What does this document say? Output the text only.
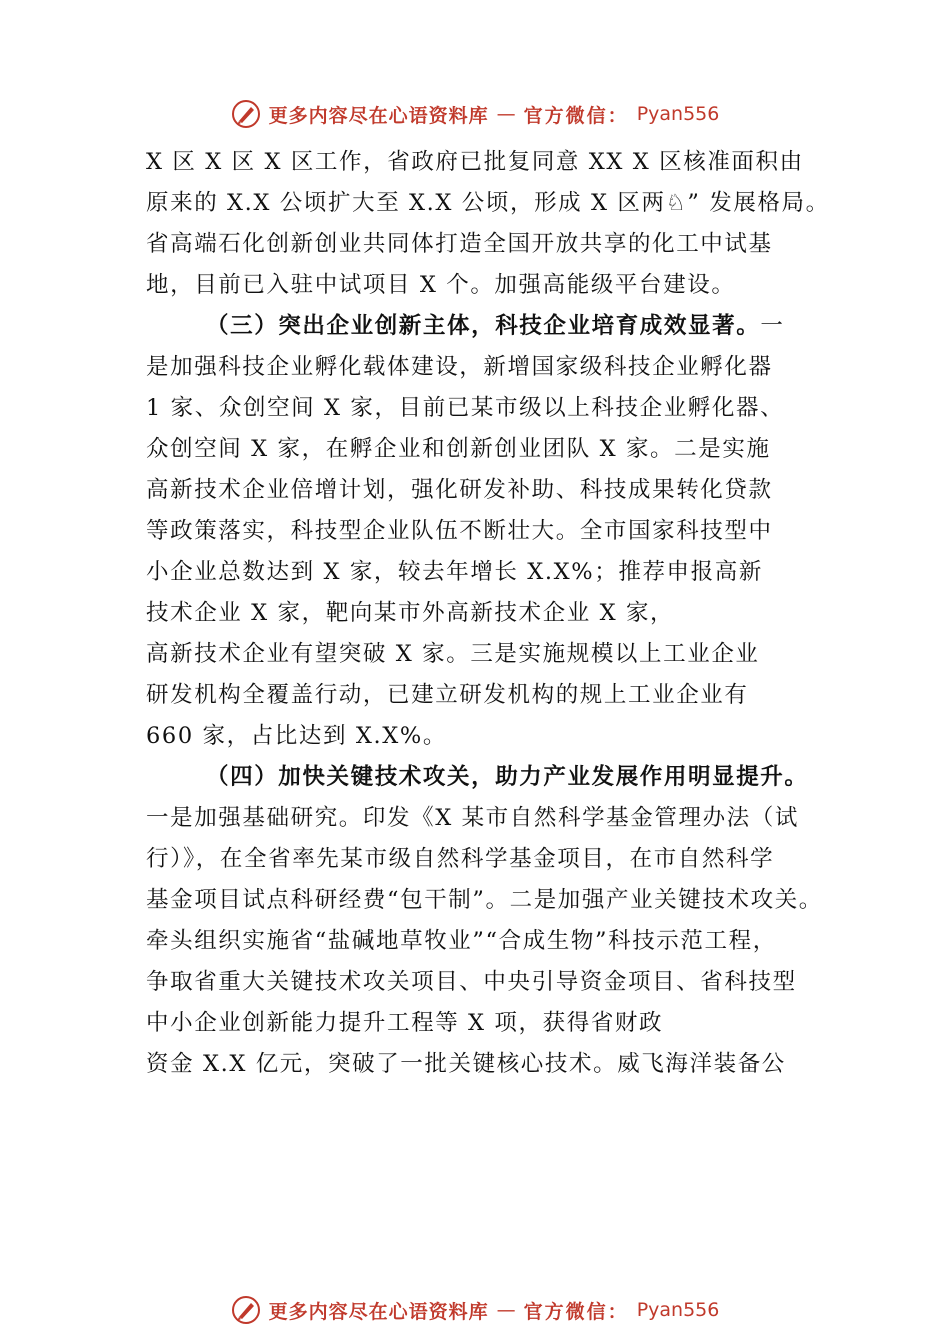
更多内容尽在心语资料库 — 官方微信： Pyan556
X 区 X 区 X 区工作，省政府已批复同意 XX X 区核准面积由
原来的 X.X 公顷扩大至 X.X 公顷，形成 X 区两♘” 发展格局。
省高端石化创新创业共同体打造全国开放共享的化工中试基
地，目前已入驻中试项目 X 个。加强高能级平台建设。
（三）突出企业创新主体，科技企业培育成效显著。一
是加强科技企业孵化载体建设，新增国家级科技企业孵化器
1 家、众创空间 X 家，目前已某市级以上科技企业孵化器、
众创空间 X 家，在孵企业和创新创业团队 X 家。二是实施
高新技术企业倍增计划，强化研发补助、科技成果转化贷款
等政策落实，科技型企业队伍不断壮大。全市国家科技型中
小企业总数达到 X 家，较去年增长 X.X%；推荐申报高新
技术企业 X 家，靶向某市外高新技术企业 X 家，
高新技术企业有望突破 X 家。三是实施规模以上工业企业
研发机构全覆盖行动，已建立研发机构的规上工业企业有
660 家，占比达到 X.X%。
（四）加快关键技术攻关，助力产业发展作用明显提升。
一是加强基础研究。印发《X 某市自然科学基金管理办法（试
行）》，在全省率先某市级自然科学基金项目，在市自然科学
基金项目试点科研经费“包干制”。二是加强产业关键技术攻关。
牵头组织实施省“盐碱地草牧业”“合成生物”科技示范工程，
争取省重大关键技术攻关项目、中央引导资金项目、省科技型
中小企业创新能力提升工程等 X 项，获得省财政
资金 X.X 亿元，突破了一批关键核心技术。威飞海洋装备公
更多内容尽在心语资料库 — 官方微信： Pyan556
